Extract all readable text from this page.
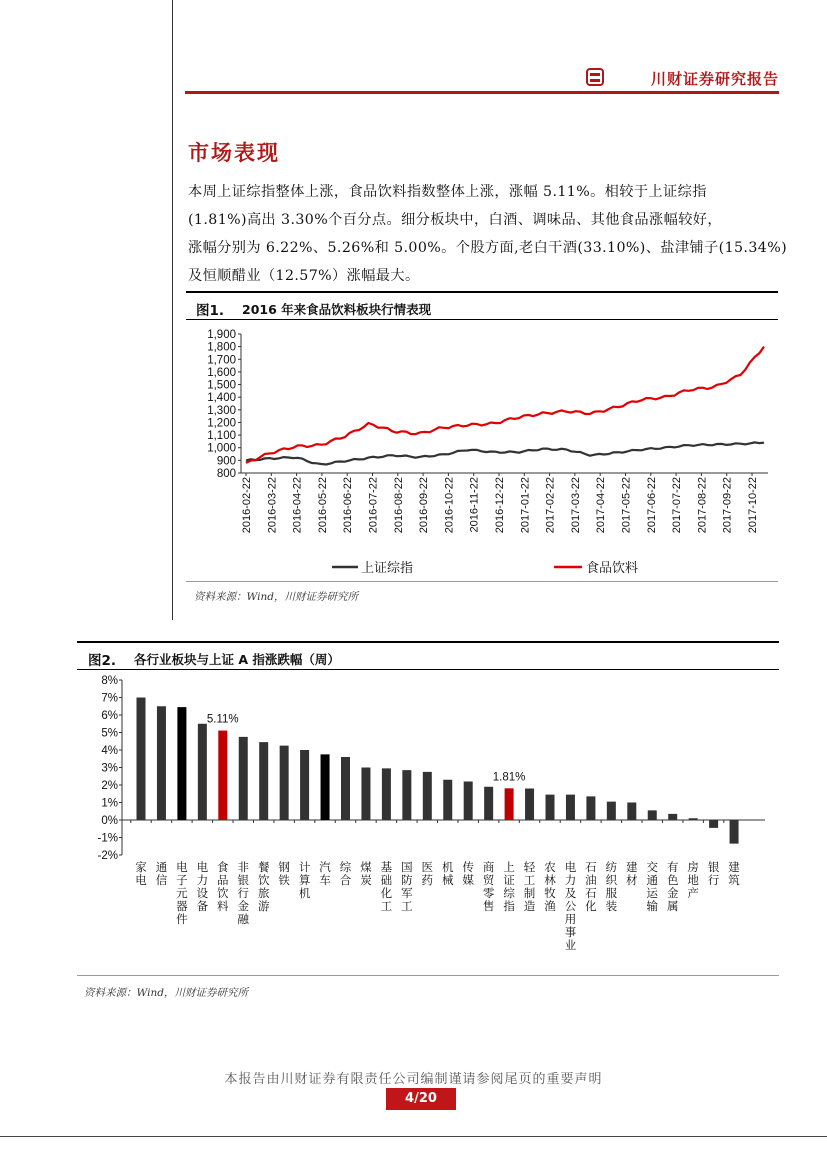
川财证券研究报告
市场表现

本周上证综指整体上涨，食品饮料指数整体上涨，涨幅 5.11%。相较于上证综指

(1.81%)高出 3.30%个百分点。细分板块中，白酒、调味品、其他食品涨幅较好，

涨幅分别为 6.22%、5.26%和 5.00%。个股方面,老白干酒(33.10%)、盐津铺子(15.34%)

及恒顺醋业（12.57%）涨幅最大。

图1. 2016 年来食品饮料板块行情表现
800
900
1,000
1,100
1,200
1,300
1,400
1,500
1,600
1,700
1,800
1,900
2016-02-22 2016-03-22 2016-04-22 2016-05-22 2016-06-22 2016-07-22 2016-08-22 2016-09-22 2016-10-22 2016-11-22 2016-12-22 2017-01-22 2017-02-22 2017-03-22 2017-04-22 2017-05-22 2017-06-22 2017-07-22 2017-08-22 2017-09-22 2017-10-22
上证综指	食品饮料
资料来源：Wind，川财证券研究所
图2. 各行业板块与上证 A 指涨跌幅（周）
-2%
-1%
0%
1%
2%
3%
4%
5%
6%
7%
8%
家电
通信
电子元器件
电力设备
食品饮料
非银行金融
餐饮旅游
钢铁
计算机
汽车
综合
煤炭
基础化工
国防军工
医药
机械
传媒
商贸零售
上证综指
轻工制造
农林牧渔
电力及公用事业
石油石化
纺织服装
建材
交通运输
有色金属
房地产
银行
建筑
5.11%
1.81%
资料来源：Wind，川财证券研究所
本报告由川财证券有限责任公司编制谨请参阅尾页的重要声明
4/20
